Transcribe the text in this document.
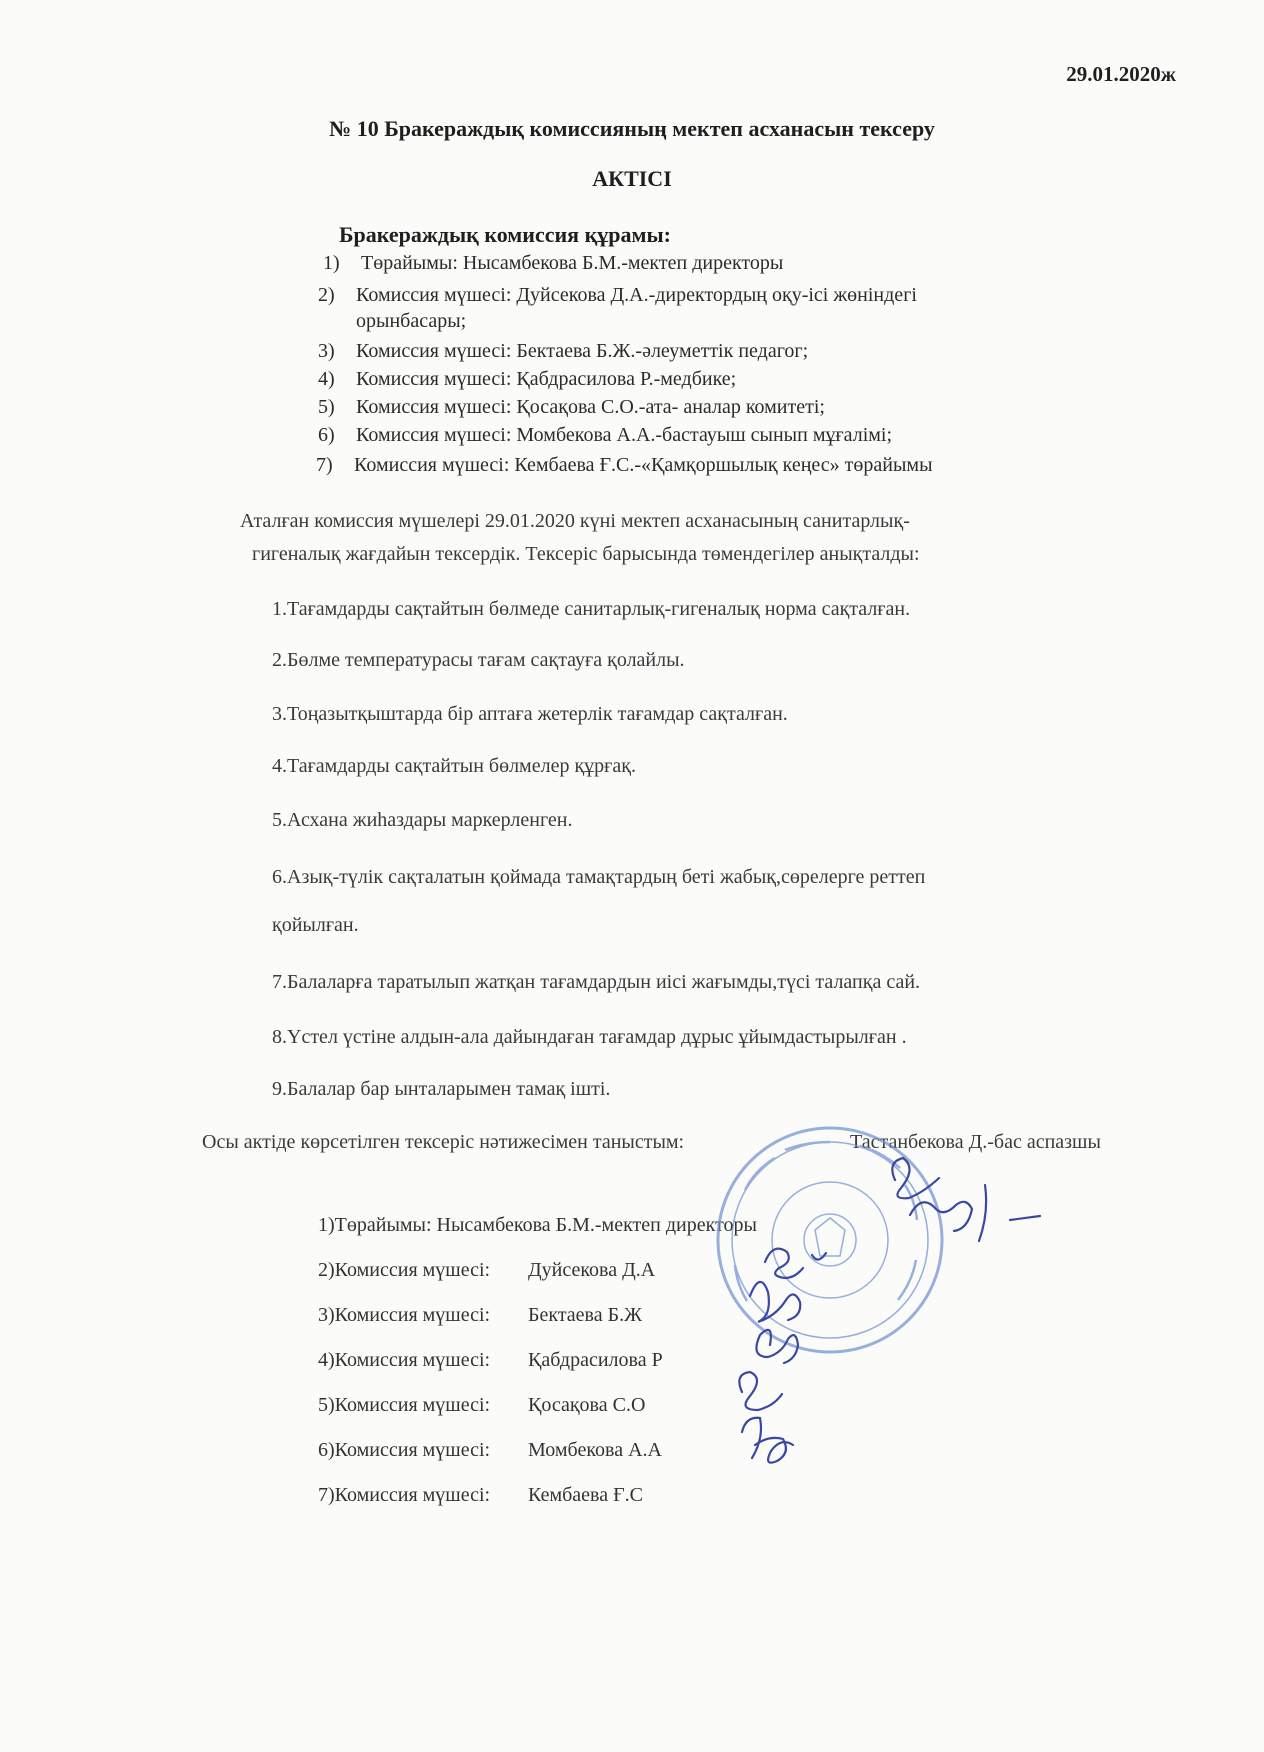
29.01.2020ж
№ 10 Бракераждық комиссияның мектеп асханасын тексеру
АКТІСІ
Бракераждық комиссия құрамы:
1) Төрайымы: Нысамбекова Б.М.-мектеп директоры
2) Комиссия мүшесі: Дуйсекова Д.А.-директордың оқу-ісі жөніндегі
орынбасары;
3) Комиссия мүшесі: Бектаева Б.Ж.-әлеуметтік педагог;
4) Комиссия мүшесі: Қабдрасилова Р.-медбике;
5) Комиссия мүшесі: Қосақова С.О.-ата- аналар комитеті;
6) Комиссия мүшесі: Момбекова А.А.-бастауыш сынып мұғалімі;
7) Комиссия мүшесі: Кембаева Ғ.С.-«Қамқоршылық кеңес» төрайымы
Аталған комиссия мүшелері 29.01.2020 күні мектеп асханасының санитарлық-
гигеналық жағдайын тексердік. Тексеріс барысында төмендегілер анықталды:
1.Тағамдарды сақтайтын бөлмеде санитарлық-гигеналық норма сақталған.
2.Бөлме температурасы тағам сақтауға қолайлы.
3.Тоңазытқыштарда бір аптаға жетерлік тағамдар сақталған.
4.Тағамдарды сақтайтын бөлмелер құрғақ.
5.Асхана жиһаздары маркерленген.
6.Азық-түлік сақталатын қоймада тамақтардың беті жабық,сөрелерге реттеп
қойылған.
7.Балаларға таратылып жатқан тағамдардын иісі жағымды,түсі талапқа сай.
8.Үстел үстіне алдын-ала дайындаған тағамдар дұрыс ұйымдастырылған .
9.Балалар бар ынталарымен тамақ ішті.
Осы актіде көрсетілген тексеріс нәтижесімен таныстым:	Тастанбекова Д.-бас аспазшы
1)Төрайымы: Нысамбекова Б.М.-мектеп директоры
2)Комиссия мүшесі: Дуйсекова Д.А
3)Комиссия мүшесі: Бектаева Б.Ж
4)Комиссия мүшесі: Қабдрасилова Р
5)Комиссия мүшесі: Қосақова С.О
6)Комиссия мүшесі: Момбекова А.А
7)Комиссия мүшесі: Кембаева Ғ.С
